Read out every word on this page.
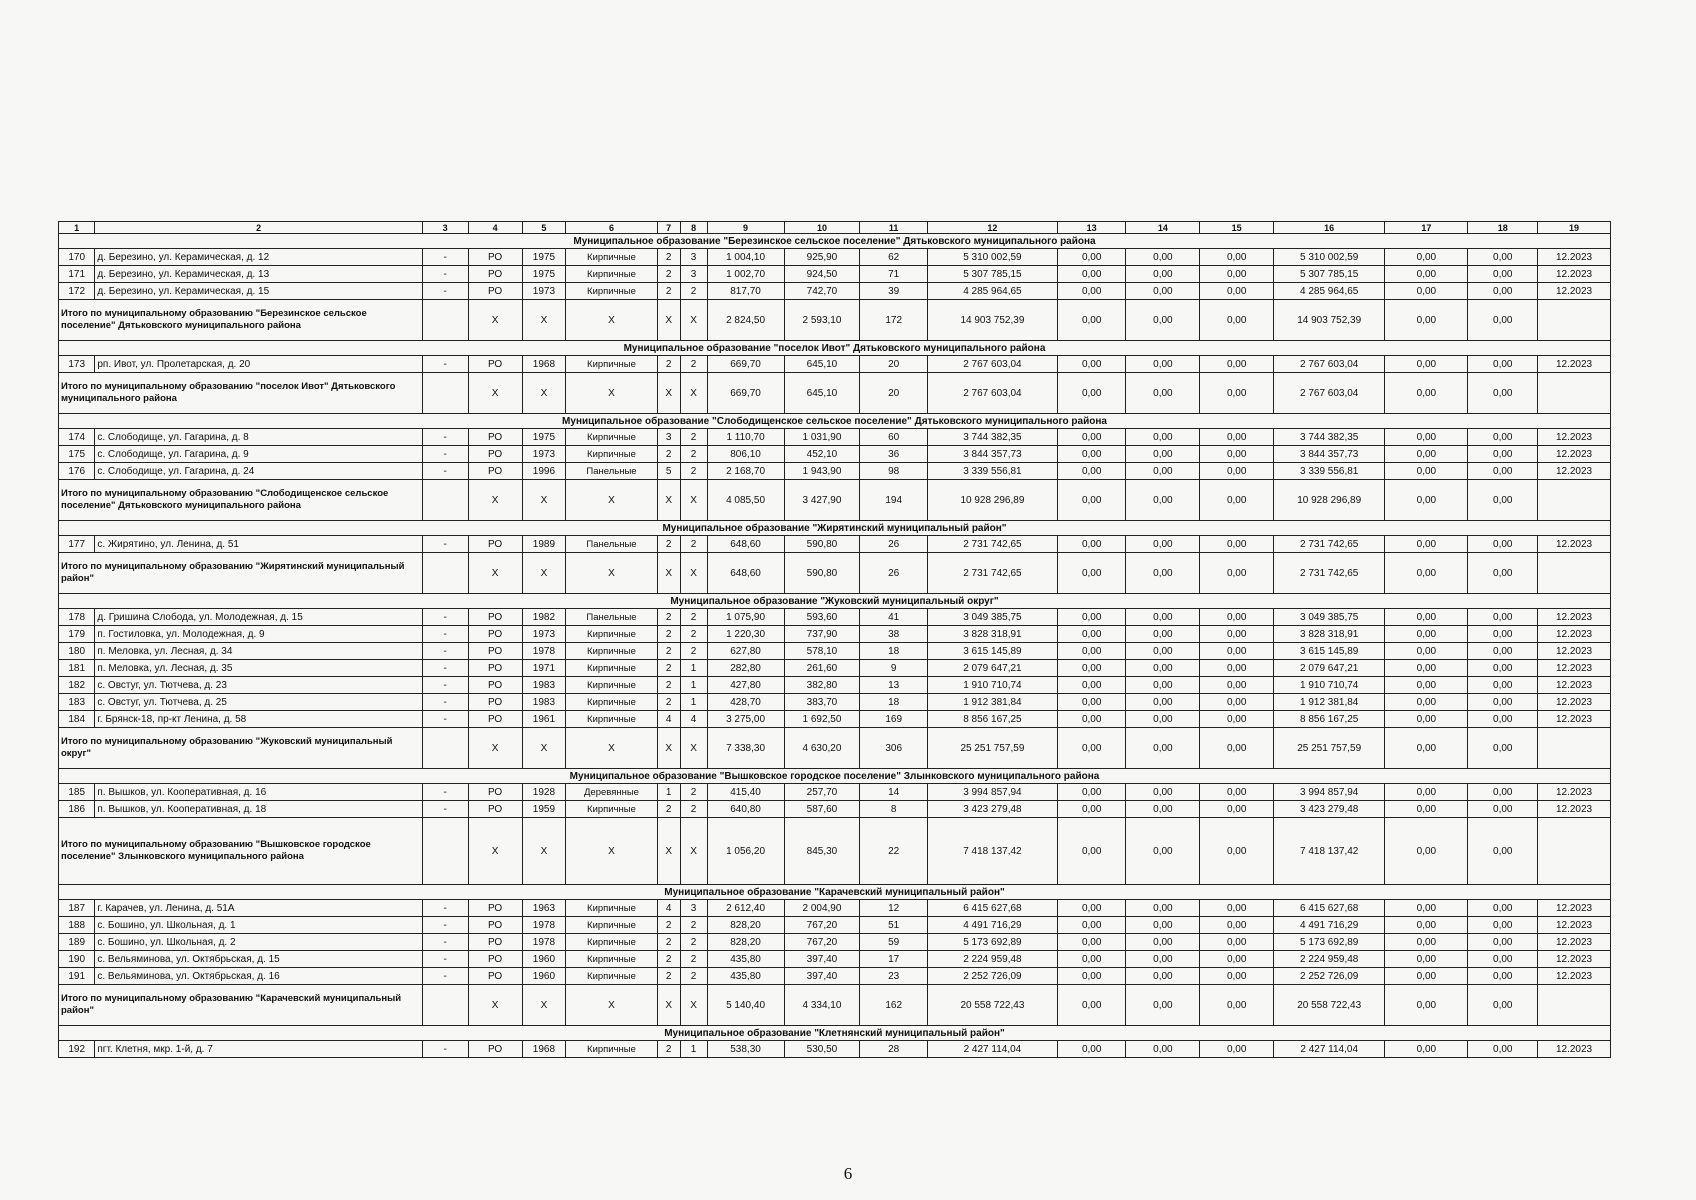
1	2	3	4	5	6	7	8	9	10	11	12	13	14	15	16	17	18	19
Муниципальное образование "Березинское сельское поселение" Дятьковского муниципального района																		
170	д. Березино, ул. Керамическая, д. 12	-	РО	1975	Кирпичные	2	3	1 004,10	925,90	62	5 310 002,59	0,00	0,00	0,00	5 310 002,59	0,00	0,00	12.2023
171	д. Березино, ул. Керамическая, д. 13	-	РО	1975	Кирпичные	2	3	1 002,70	924,50	71	5 307 785,15	0,00	0,00	0,00	5 307 785,15	0,00	0,00	12.2023
172	д. Березино, ул. Керамическая, д. 15	-	РО	1973	Кирпичные	2	2	817,70	742,70	39	4 285 964,65	0,00	0,00	0,00	4 285 964,65	0,00	0,00	12.2023
Итого по муниципальному образованию "Березинское сельское поселение" Дятьковского муниципального района			X	X	X	X	X	2 824,50	2 593,10	172	14 903 752,39	0,00	0,00	0,00	14 903 752,39	0,00	0,00	
Муниципальное образование "поселок Ивот" Дятьковского муниципального района																		
173	рп. Ивот, ул. Пролетарская, д. 20	-	РО	1968	Кирпичные	2	2	669,70	645,10	20	2 767 603,04	0,00	0,00	0,00	2 767 603,04	0,00	0,00	12.2023
Итого по муниципальному образованию "поселок Ивот" Дятьковского муниципального района			X	X	X	X	X	669,70	645,10	20	2 767 603,04	0,00	0,00	0,00	2 767 603,04	0,00	0,00	
Муниципальное образование "Слободищенское сельское поселение" Дятьковского муниципального района																		
174	с. Слободище, ул. Гагарина, д. 8	-	РО	1975	Кирпичные	3	2	1 110,70	1 031,90	60	3 744 382,35	0,00	0,00	0,00	3 744 382,35	0,00	0,00	12.2023
175	с. Слободище, ул. Гагарина, д. 9	-	РО	1973	Кирпичные	2	2	806,10	452,10	36	3 844 357,73	0,00	0,00	0,00	3 844 357,73	0,00	0,00	12.2023
176	с. Слободище, ул. Гагарина, д. 24	-	РО	1996	Панельные	5	2	2 168,70	1 943,90	98	3 339 556,81	0,00	0,00	0,00	3 339 556,81	0,00	0,00	12.2023
Итого по муниципальному образованию "Слободищенское сельское поселение" Дятьковского муниципального района			X	X	X	X	X	4 085,50	3 427,90	194	10 928 296,89	0,00	0,00	0,00	10 928 296,89	0,00	0,00	
Муниципальное образование "Жирятинский муниципальный район"																		
177	с. Жирятино, ул. Ленина, д. 51	-	РО	1989	Панельные	2	2	648,60	590,80	26	2 731 742,65	0,00	0,00	0,00	2 731 742,65	0,00	0,00	12.2023
Итого по муниципальному образованию "Жирятинский муниципальный район"			X	X	X	X	X	648,60	590,80	26	2 731 742,65	0,00	0,00	0,00	2 731 742,65	0,00	0,00	
Муниципальное образование "Жуковский муниципальный округ"																		
178	д. Гришина Слобода, ул. Молодежная, д. 15	-	РО	1982	Панельные	2	2	1 075,90	593,60	41	3 049 385,75	0,00	0,00	0,00	3 049 385,75	0,00	0,00	12.2023
179	п. Гостиловка, ул. Молодежная, д. 9	-	РО	1973	Кирпичные	2	2	1 220,30	737,90	38	3 828 318,91	0,00	0,00	0,00	3 828 318,91	0,00	0,00	12.2023
180	п. Меловка, ул. Лесная, д. 34	-	РО	1978	Кирпичные	2	2	627,80	578,10	18	3 615 145,89	0,00	0,00	0,00	3 615 145,89	0,00	0,00	12.2023
181	п. Меловка, ул. Лесная, д. 35	-	РО	1971	Кирпичные	2	1	282,80	261,60	9	2 079 647,21	0,00	0,00	0,00	2 079 647,21	0,00	0,00	12.2023
182	с. Овстуг, ул. Тютчева, д. 23	-	РО	1983	Кирпичные	2	1	427,80	382,80	13	1 910 710,74	0,00	0,00	0,00	1 910 710,74	0,00	0,00	12.2023
183	с. Овстуг, ул. Тютчева, д. 25	-	РО	1983	Кирпичные	2	1	428,70	383,70	18	1 912 381,84	0,00	0,00	0,00	1 912 381,84	0,00	0,00	12.2023
184	г. Брянск-18, пр-кт Ленина, д. 58	-	РО	1961	Кирпичные	4	4	3 275,00	1 692,50	169	8 856 167,25	0,00	0,00	0,00	8 856 167,25	0,00	0,00	12.2023
Итого по муниципальному образованию "Жуковский муниципальный округ"			X	X	X	X	X	7 338,30	4 630,20	306	25 251 757,59	0,00	0,00	0,00	25 251 757,59	0,00	0,00	
Муниципальное образование "Вышковское городское поселение" Злынковского муниципального района																		
185	п. Вышков, ул. Кооперативная, д. 16	-	РО	1928	Деревянные	1	2	415,40	257,70	14	3 994 857,94	0,00	0,00	0,00	3 994 857,94	0,00	0,00	12.2023
186	п. Вышков, ул. Кооперативная, д. 18	-	РО	1959	Кирпичные	2	2	640,80	587,60	8	3 423 279,48	0,00	0,00	0,00	3 423 279,48	0,00	0,00	12.2023
Итого по муниципальному образованию "Вышковское городское поселение" Злынковского муниципального района			X	X	X	X	X	1 056,20	845,30	22	7 418 137,42	0,00	0,00	0,00	7 418 137,42	0,00	0,00	
Муниципальное образование "Карачевский муниципальный район"																		
187	г. Карачев, ул. Ленина, д. 51А	-	РО	1963	Кирпичные	4	3	2 612,40	2 004,90	12	6 415 627,68	0,00	0,00	0,00	6 415 627,68	0,00	0,00	12.2023
188	с. Бошино, ул. Школьная, д. 1	-	РО	1978	Кирпичные	2	2	828,20	767,20	51	4 491 716,29	0,00	0,00	0,00	4 491 716,29	0,00	0,00	12.2023
189	с. Бошино, ул. Школьная, д. 2	-	РО	1978	Кирпичные	2	2	828,20	767,20	59	5 173 692,89	0,00	0,00	0,00	5 173 692,89	0,00	0,00	12.2023
190	с. Вельяминова, ул. Октябрьская, д. 15	-	РО	1960	Кирпичные	2	2	435,80	397,40	17	2 224 959,48	0,00	0,00	0,00	2 224 959,48	0,00	0,00	12.2023
191	с. Вельяминова, ул. Октябрьская, д. 16	-	РО	1960	Кирпичные	2	2	435,80	397,40	23	2 252 726,09	0,00	0,00	0,00	2 252 726,09	0,00	0,00	12.2023
Итого по муниципальному образованию "Карачевский муниципальный район"			X	X	X	X	X	5 140,40	4 334,10	162	20 558 722,43	0,00	0,00	0,00	20 558 722,43	0,00	0,00	
Муниципальное образование "Клетнянский муниципальный район"																		
192	пгт. Клетня, мкр. 1-й, д. 7	-	РО	1968	Кирпичные	2	1	538,30	530,50	28	2 427 114,04	0,00	0,00	0,00	2 427 114,04	0,00	0,00	12.2023
6
